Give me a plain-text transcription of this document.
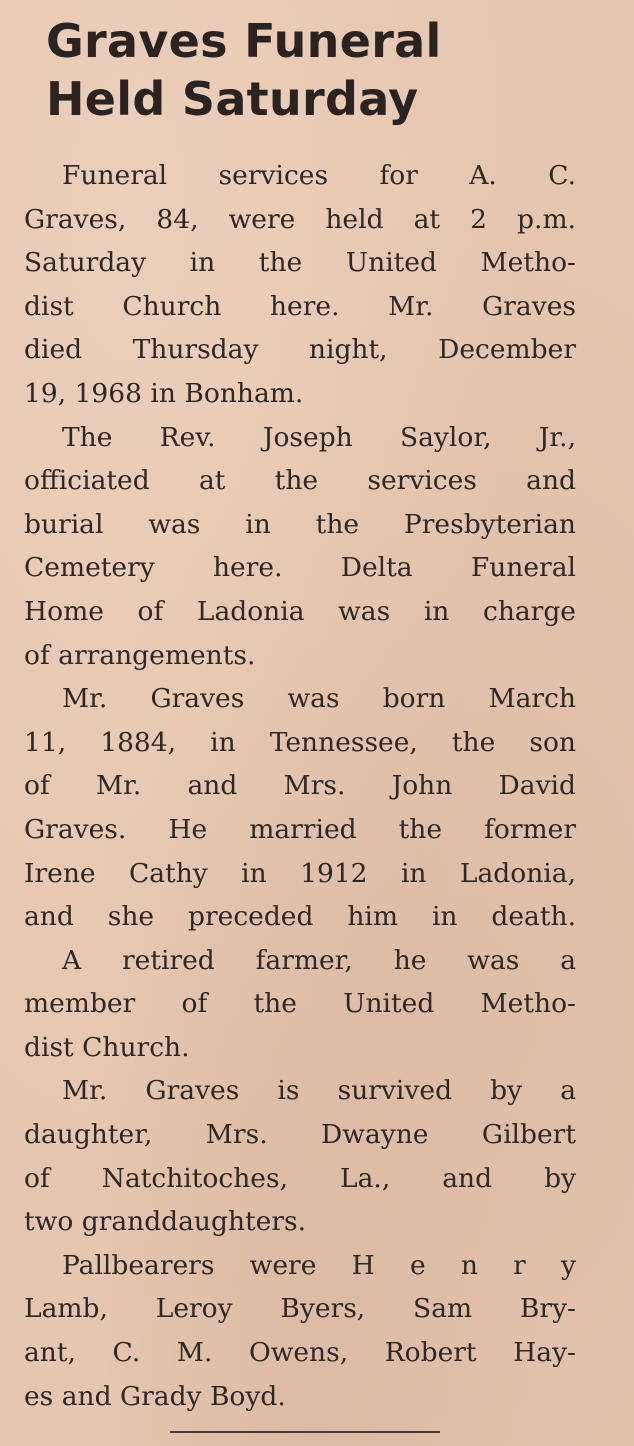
Graves Funeral
Held Saturday

Funeral services for A. C.
Graves, 84, were held at 2 p.m.
Saturday in the United Metho-
dist Church here. Mr. Graves
died Thursday night, December
19, 1968 in Bonham.

The Rev. Joseph Saylor, Jr.,
officiated at the services and
burial was in the Presbyterian
Cemetery here. Delta Funeral
Home of Ladonia was in charge
of arrangements.

Mr. Graves was born March
11, 1884, in Tennessee, the son
of Mr. and Mrs. John David
Graves. He married the former
Irene Cathy in 1912 in Ladonia,
and she preceded him in death.

A retired farmer, he was a
member of the United Metho-
dist Church.

Mr. Graves is survived by a
daughter, Mrs. Dwayne Gilbert
of Natchitoches, La., and by
two granddaughters.

Pallbearers were H e n r y
Lamb, Leroy Byers, Sam Bry-
ant, C. M. Owens, Robert Hay-
es and Grady Boyd.
